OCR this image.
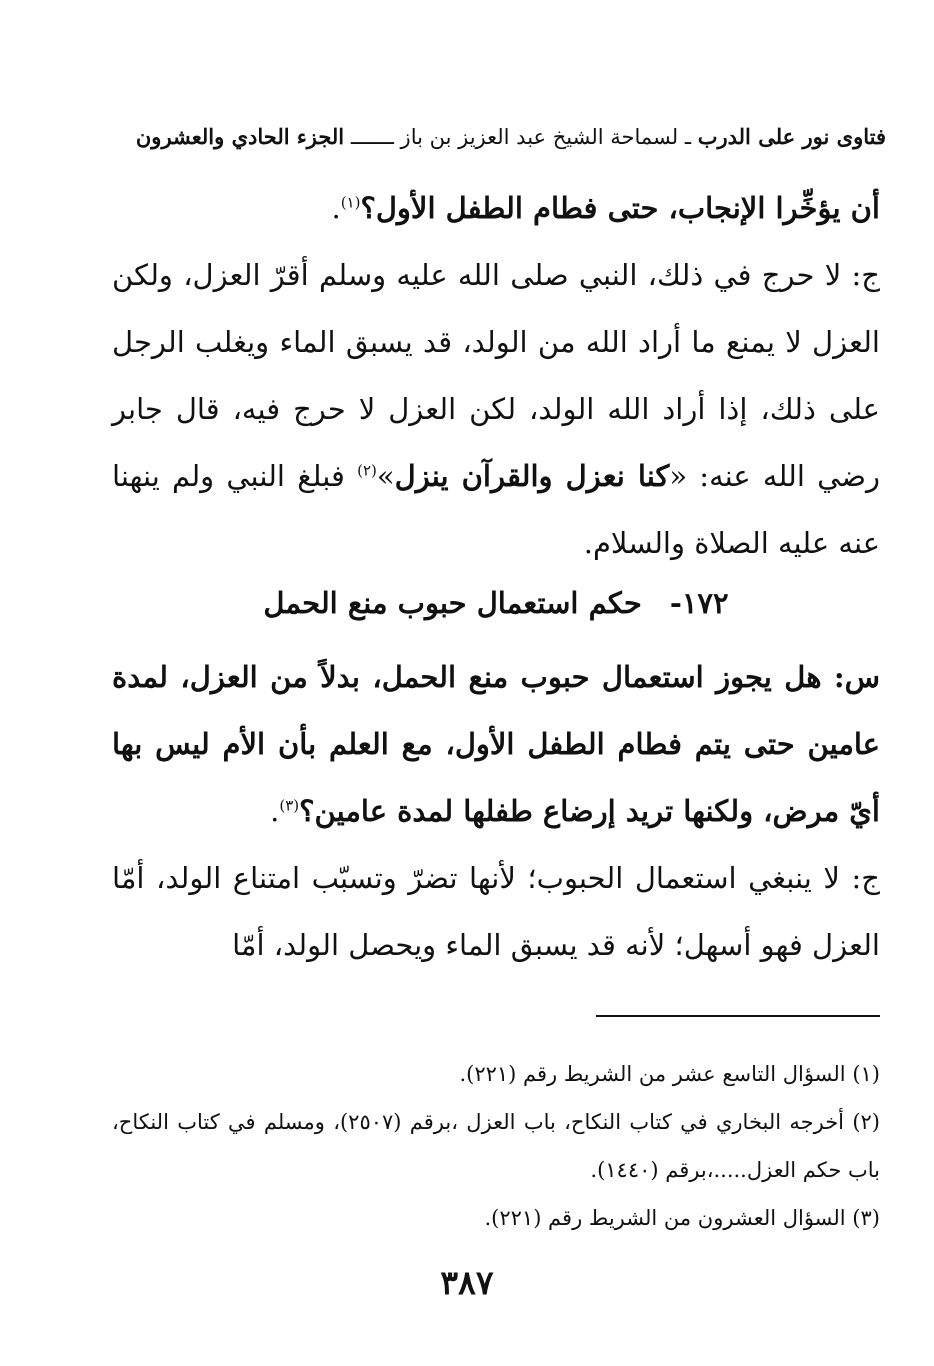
فتاوى نور على الدرب ـ لسماحة الشيخ عبد العزيز بن باز ـــــــ الجزء الحادي والعشرون
أن يؤخِّرا الإنجاب، حتى فطام الطفل الأول؟$^{(١)}$.
ج: لا حرج في ذلك، النبي صلى الله عليه وسلم أقرّ العزل، ولكن العزل لا يمنع ما أراد الله من الولد، قد يسبق الماء ويغلب الرجل على ذلك، إذا أراد الله الولد، لكن العزل لا حرج فيه، قال جابر رضي الله عنه: «كنا نعزل والقرآن ينزل»$^{(٢)}$ فبلغ النبي ولم ينهنا عنه عليه الصلاة والسلام.
١٧٢-حكم استعمال حبوب منع الحمل
س: هل يجوز استعمال حبوب منع الحمل، بدلاً من العزل، لمدة عامين حتى يتم فطام الطفل الأول، مع العلم بأن الأم ليس بها أيّ مرض، ولكنها تريد إرضاع طفلها لمدة عامين؟$^{(٣)}$.
ج: لا ينبغي استعمال الحبوب؛ لأنها تضرّ وتسبّب امتناع الولد، أمّا العزل فهو أسهل؛ لأنه قد يسبق الماء ويحصل الولد، أمّا

(١) السؤال التاسع عشر من الشريط رقم (٢٢١).

(٢) أخرجه البخاري في كتاب النكاح، باب العزل ،برقم (٢٥٠٧)، ومسلم في كتاب النكاح، باب حكم العزل.....،برقم (١٤٤٠).

(٣) السؤال العشرون من الشريط رقم (٢٢١).

٣٨٧
